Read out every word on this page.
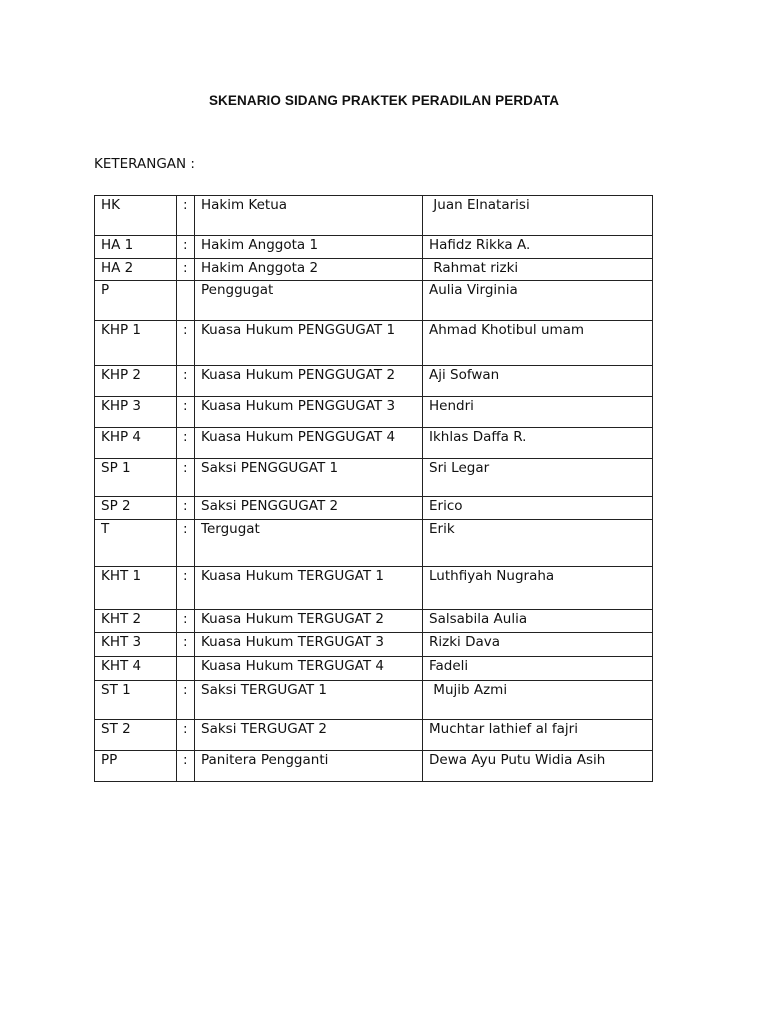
SKENARIO SIDANG PRAKTEK PERADILAN PERDATA
KETERANGAN :
HK	:	Hakim Ketua	Juan Elnatarisi
HA 1	:	Hakim Anggota 1	Hafidz Rikka A.
HA 2	:	Hakim Anggota 2	Rahmat rizki
P		Penggugat	Aulia Virginia
KHP 1	:	Kuasa Hukum PENGGUGAT 1	Ahmad Khotibul umam
KHP 2	:	Kuasa Hukum PENGGUGAT 2	Aji Sofwan
KHP 3	:	Kuasa Hukum PENGGUGAT 3	Hendri
KHP 4	:	Kuasa Hukum PENGGUGAT 4	Ikhlas Daffa R.
SP 1	:	Saksi PENGGUGAT 1	Sri Legar
SP 2	:	Saksi PENGGUGAT 2	Erico
T	:	Tergugat	Erik
KHT 1	:	Kuasa Hukum TERGUGAT 1	Luthfiyah Nugraha
KHT 2	:	Kuasa Hukum TERGUGAT 2	Salsabila Aulia
KHT 3	:	Kuasa Hukum TERGUGAT 3	Rizki Dava
KHT 4		Kuasa Hukum TERGUGAT 4	Fadeli
ST 1	:	Saksi TERGUGAT 1	Mujib Azmi
ST 2	:	Saksi TERGUGAT 2	Muchtar lathief al fajri
PP	:	Panitera Pengganti	Dewa Ayu Putu Widia Asih
